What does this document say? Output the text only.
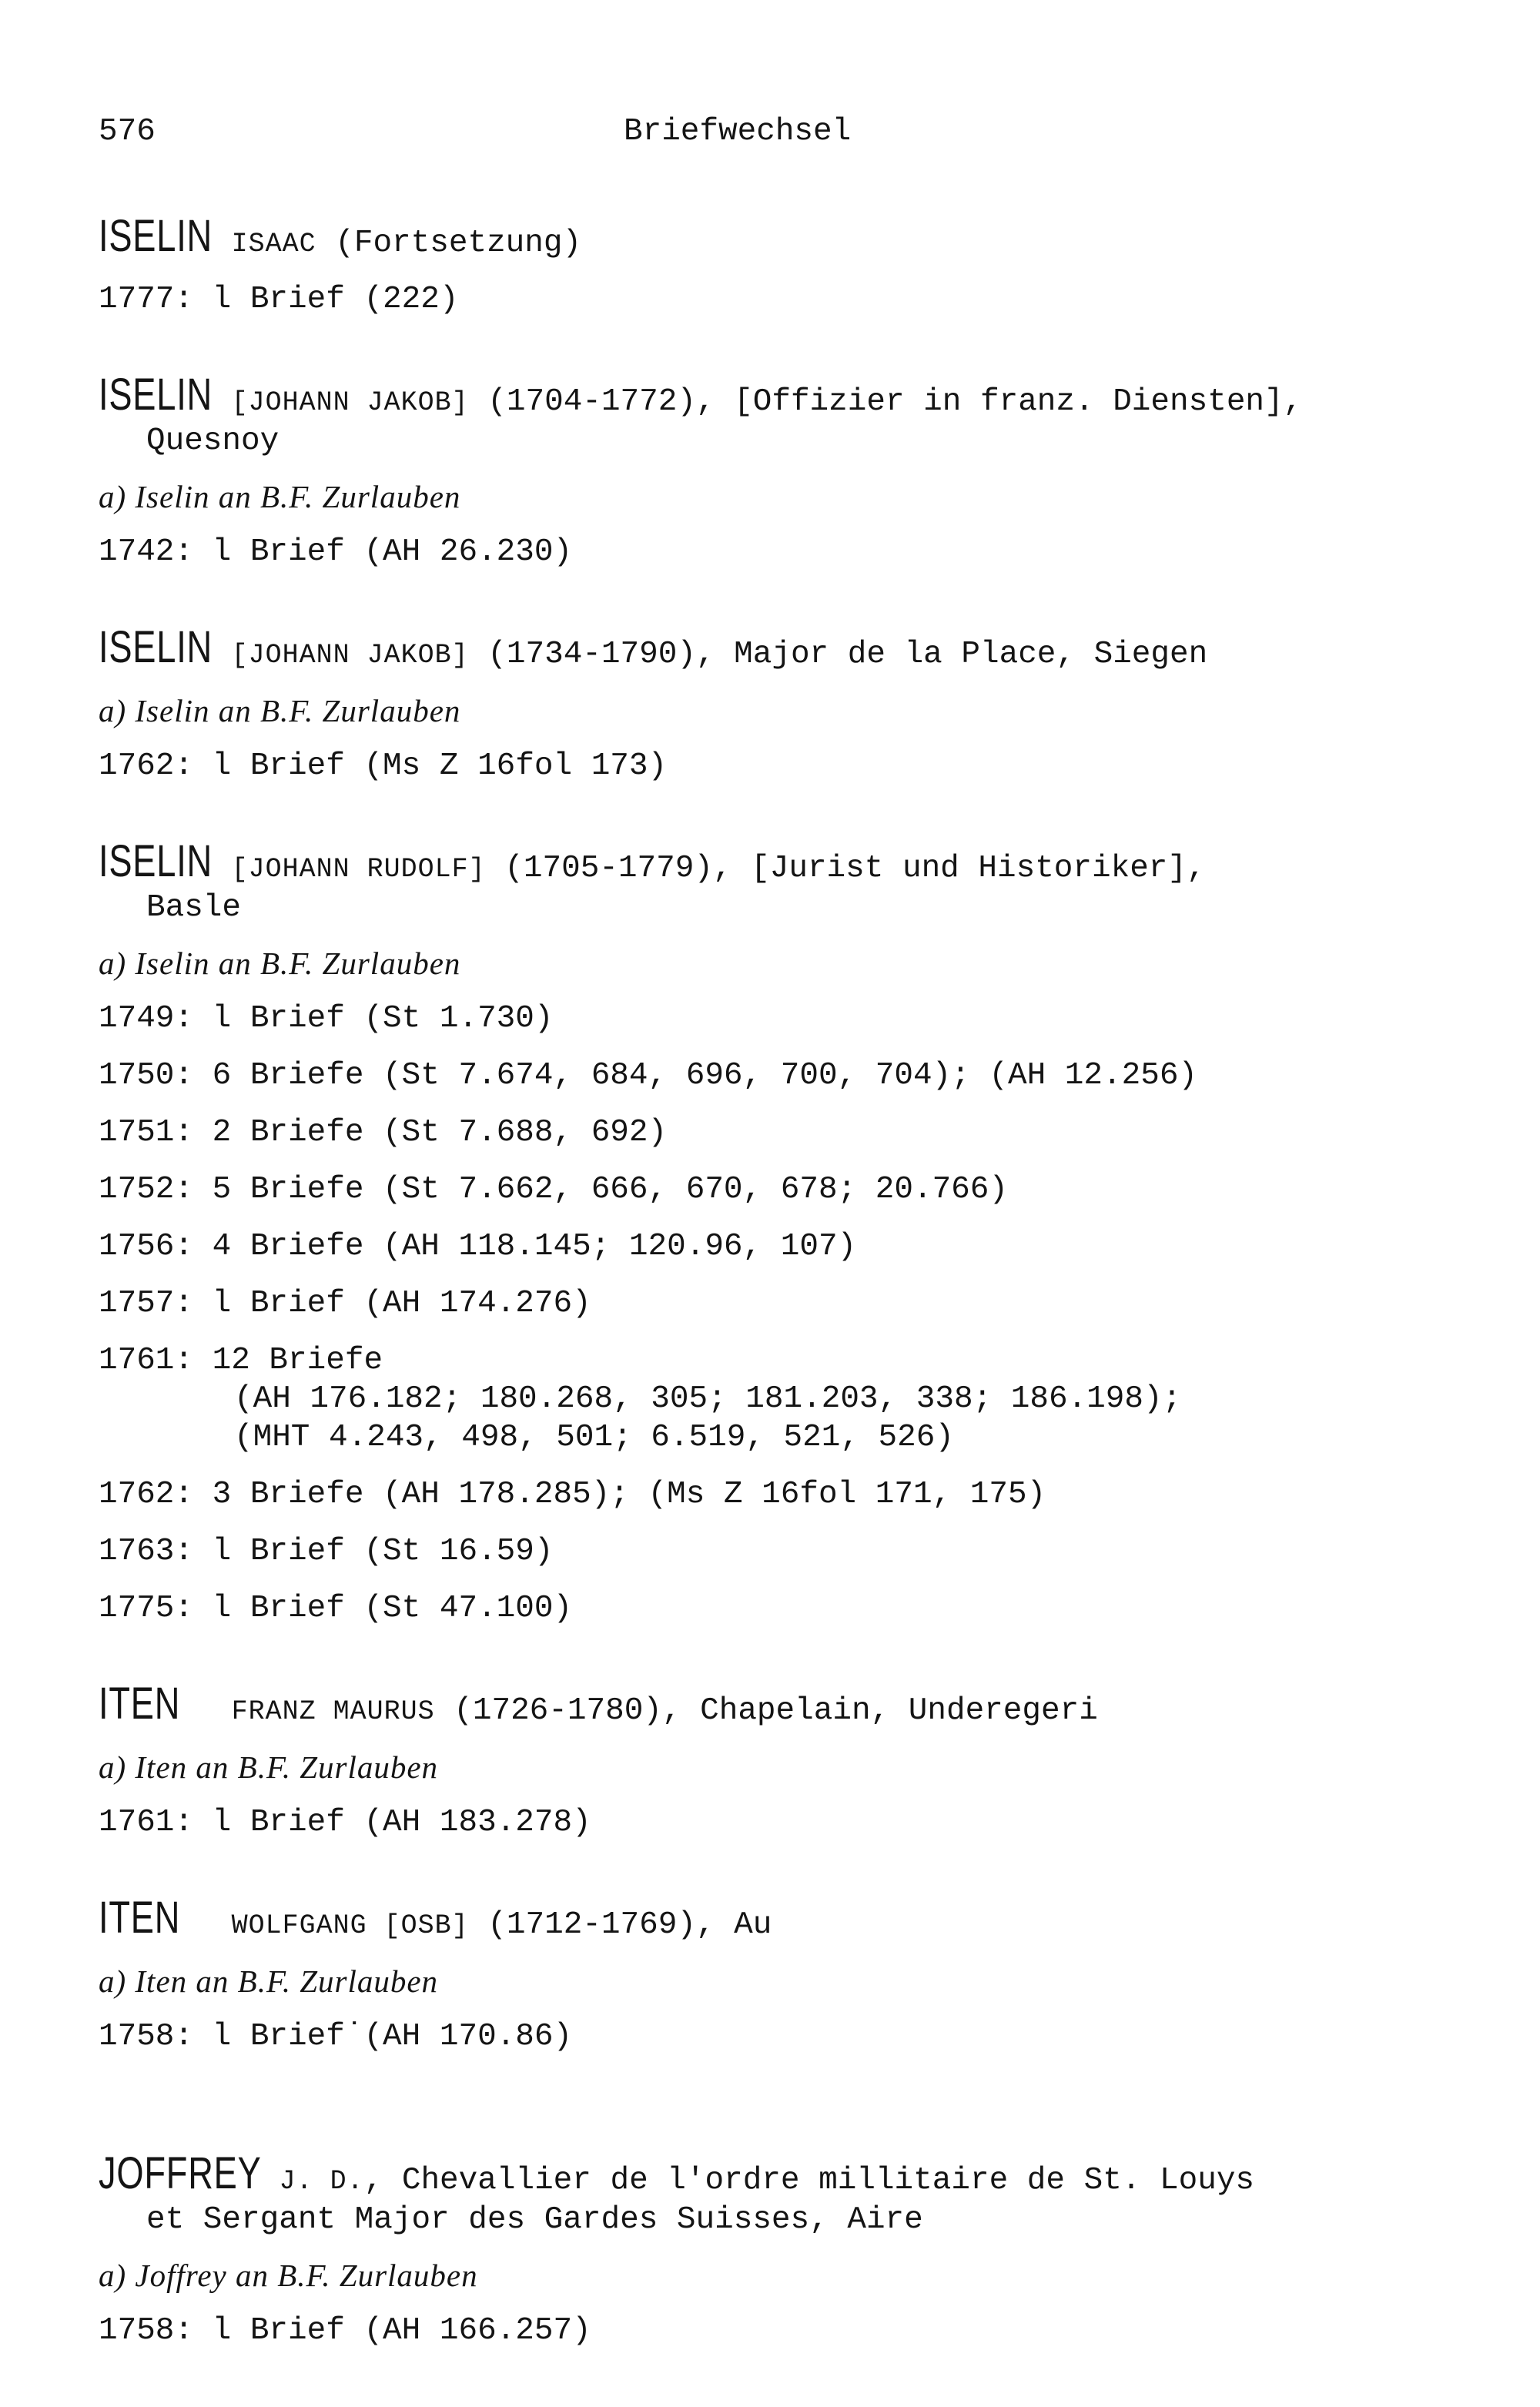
576	Briefwechsel
ISELIN ISAAC (Fortsetzung)
1777: l Brief (222)
ISELIN [JOHANN JAKOB] (1704-1772), [Offizier in franz. Diensten],
Quesnoy
a) Iselin an B.F. Zurlauben
1742: l Brief (AH 26.230)
ISELIN [JOHANN JAKOB] (1734-1790), Major de la Place, Siegen
a) Iselin an B.F. Zurlauben
1762: l Brief (Ms Z 16fol 173)
ISELIN [JOHANN RUDOLF] (1705-1779), [Jurist und Historiker],
Basle
a) Iselin an B.F. Zurlauben
1749: l Brief (St 1.730)
1750: 6 Briefe (St 7.674, 684, 696, 700, 704); (AH 12.256)
1751: 2 Briefe (St 7.688, 692)
1752: 5 Briefe (St 7.662, 666, 670, 678; 20.766)
1756: 4 Briefe (AH 118.145; 120.96, 107)
1757: l Brief (AH 174.276)
1761: 12 Briefe
(AH 176.182; 180.268, 305; 181.203, 338; 186.198);
(MHT 4.243, 498, 501; 6.519, 521, 526)
1762: 3 Briefe (AH 178.285); (Ms Z 16fol 171, 175)
1763: l Brief (St 16.59)
1775: l Brief (St 47.100)
ITEN FRANZ MAURUS (1726-1780), Chapelain, Underegeri
a) Iten an B.F. Zurlauben
1761: l Brief (AH 183.278)
ITEN WOLFGANG [OSB] (1712-1769), Au
a) Iten an B.F. Zurlauben
1758: l Brief˙(AH 170.86)
JOFFREY J. D., Chevallier de l'ordre millitaire de St. Louys
et Sergant Major des Gardes Suisses, Aire
a) Joffrey an B.F. Zurlauben
1758: l Brief (AH 166.257)
